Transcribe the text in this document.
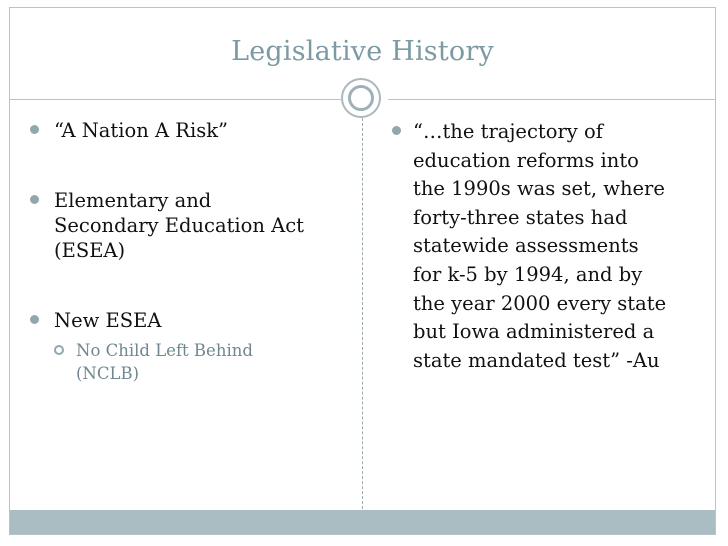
Legislative History
“A Nation A Risk”
Elementary and
Secondary Education Act
(ESEA)
New ESEA
No Child Left Behind
(NCLB)
“…the trajectory of
education reforms into
the 1990s was set, where
forty-three states had
statewide assessments
for k-5 by 1994, and by
the year 2000 every state
but Iowa administered a
state mandated test” -Au
